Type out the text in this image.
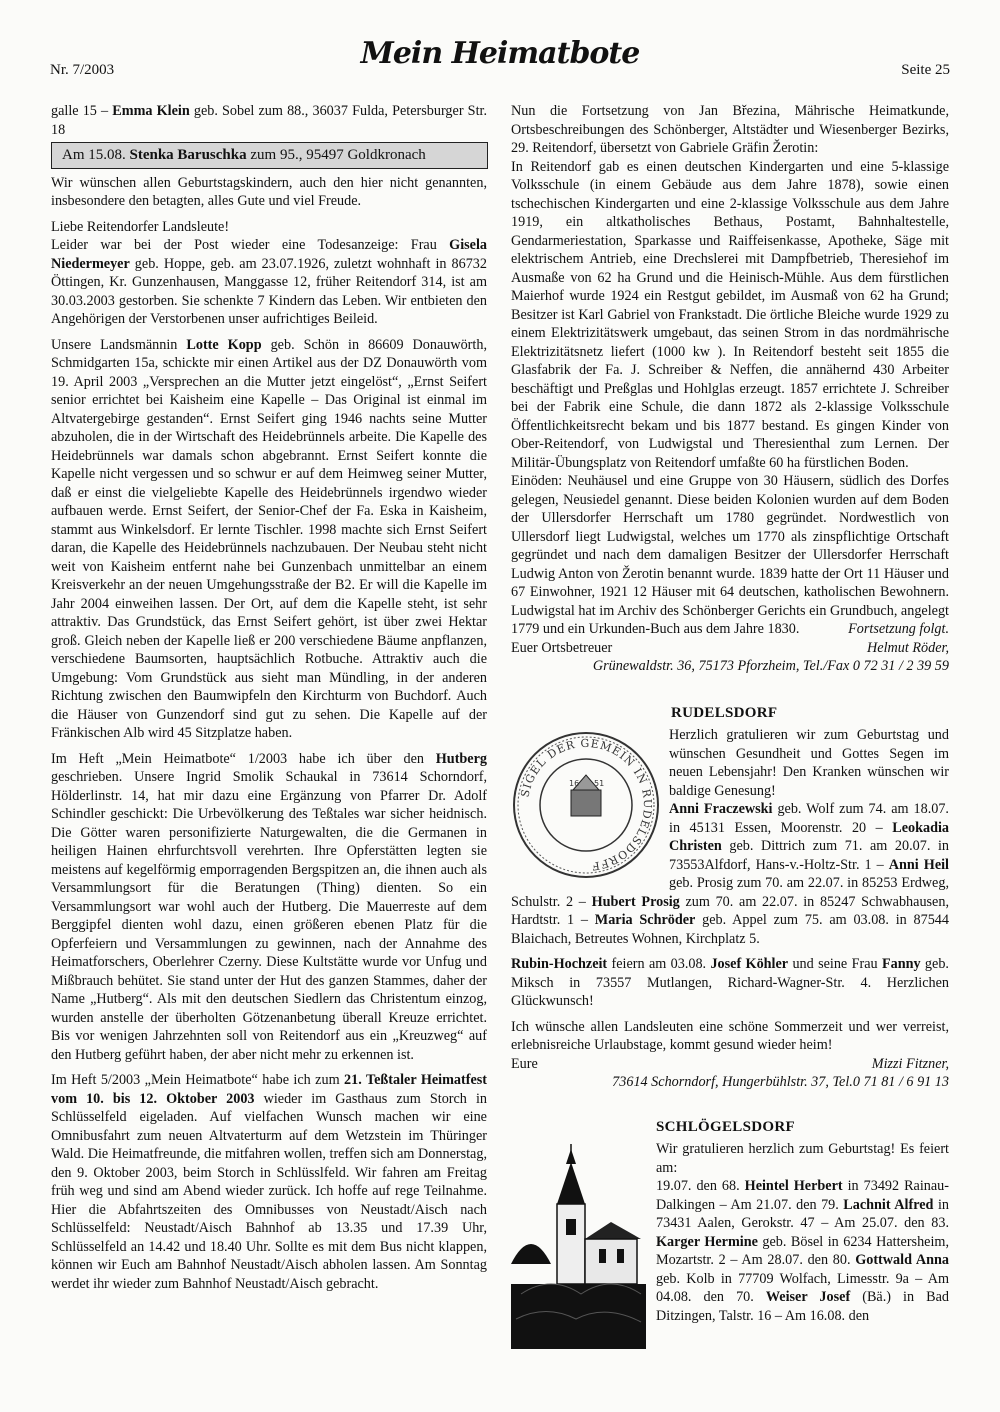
Nr. 7/2003	Mein Heimatbote	Seite 25

galle 15 – Emma Klein geb. Sobel zum 88., 36037 Fulda, Petersburger Str. 18

Am 15.08. Stenka Baruschka zum 95., 95497 Goldkronach

Wir wünschen allen Geburtstagskindern, auch den hier nicht genannten, insbesondere den betagten, alles Gute und viel Freude.

Liebe Reitendorfer Landsleute!

Leider war bei der Post wieder eine Todesanzeige: Frau Gisela Niedermeyer geb. Hoppe, geb. am 23.07.1926, zuletzt wohnhaft in 86732 Öttingen, Kr. Gunzenhausen, Manggasse 12, früher Reitendorf 314, ist am 30.03.2003 gestorben. Sie schenkte 7 Kindern das Leben. Wir entbieten den Angehörigen der Verstorbenen unser aufrichtiges Beileid.

Unsere Landsmännin Lotte Kopp geb. Schön in 86609 Donauwörth, Schmidgarten 15a, schickte mir einen Artikel aus der DZ Donauwörth vom 19. April 2003 „Versprechen an die Mutter jetzt eingelöst“, „Ernst Seifert senior errichtet bei Kaisheim eine Kapelle – Das Original ist einmal im Altvatergebirge gestanden“. Ernst Seifert ging 1946 nachts seine Mutter abzuholen, die in der Wirtschaft des Heidebrünnels arbeite. Die Kapelle des Heidebrünnels war damals schon abgebrannt. Ernst Seifert konnte die Kapelle nicht vergessen und so schwur er auf dem Heimweg seiner Mutter, daß er einst die vielgeliebte Kapelle des Heidebrünnels irgendwo wieder aufbauen werde. Ernst Seifert, der Senior-Chef der Fa. Eska in Kaisheim, stammt aus Winkelsdorf. Er lernte Tischler. 1998 machte sich Ernst Seifert daran, die Kapelle des Heidebrünnels nachzubauen. Der Neubau steht nicht weit von Kaisheim entfernt nahe bei Gunzenbach unmittelbar an einem Kreisverkehr an der neuen Umgehungsstraße der B2. Er will die Kapelle im Jahr 2004 einweihen lassen. Der Ort, auf dem die Kapelle steht, ist sehr attraktiv. Das Grundstück, das Ernst Seifert gehört, ist über zwei Hektar groß. Gleich neben der Kapelle ließ er 200 verschiedene Bäume anpflanzen, verschiedene Baumsorten, hauptsächlich Rotbuche. Attraktiv auch die Umgebung: Vom Grundstück aus sieht man Mündling, in der anderen Richtung zwischen den Baumwipfeln den Kirchturm von Buchdorf. Auch die Häuser von Gunzendorf sind gut zu sehen. Die Kapelle auf der Fränkischen Alb wird 45 Sitzplatze haben.

Im Heft „Mein Heimatbote“ 1/2003 habe ich über den Hutberg geschrieben. Unsere Ingrid Smolik Schaukal in 73614 Schorndorf, Hölderlinstr. 14, hat mir dazu eine Ergänzung von Pfarrer Dr. Adolf Schindler geschickt: Die Urbevölkerung des Teßtales war sicher heidnisch. Die Götter waren personifizierte Naturgewalten, die die Germanen in heiligen Hainen ehrfurchtsvoll verehrten. Ihre Opferstätten legten sie meistens auf kegelförmig emporragenden Bergspitzen an, die ihnen auch als Versammlungsort für die Beratungen (Thing) dienten. So ein Versammlungsort war wohl auch der Hutberg. Die Mauerreste auf dem Berggipfel dienten wohl dazu, einen größeren ebenen Platz für die Opferfeiern und Versammlungen zu gewinnen, nach der Annahme des Heimatforschers, Oberlehrer Czerny. Diese Kultstätte wurde vor Unfug und Mißbrauch behütet. Sie stand unter der Hut des ganzen Stammes, daher der Name „Hutberg“. Als mit den deutschen Siedlern das Christentum einzog, wurden anstelle der überholten Götzenanbetung überall Kreuze errichtet. Bis vor wenigen Jahrzehnten soll von Reitendorf aus ein „Kreuzweg“ auf den Hutberg geführt haben, der aber nicht mehr zu erkennen ist.

Im Heft 5/2003 „Mein Heimatbote“ habe ich zum 21. Teßtaler Heimatfest vom 10. bis 12. Oktober 2003 wieder im Gasthaus zum Storch in Schlüsselfeld eigeladen. Auf vielfachen Wunsch machen wir eine Omnibusfahrt zum neuen Altvaterturm auf dem Wetzstein im Thüringer Wald. Die Heimatfreunde, die mitfahren wollen, treffen sich am Donnerstag, den 9. Oktober 2003, beim Storch in Schlüsslfeld. Wir fahren am Freitag früh weg und sind am Abend wieder zurück. Ich hoffe auf rege Teilnahme. Hier die Abfahrtszeiten des Omnibusses von Neustadt/Aisch nach Schlüsselfeld: Neustadt/Aisch Bahnhof ab 13.35 und 17.39 Uhr, Schlüsselfeld an 14.42 und 18.40 Uhr. Sollte es mit dem Bus nicht klappen, können wir Euch am Bahnhof Neustadt/Aisch abholen lassen. Am Sonntag werdet ihr wieder zum Bahnhof Neustadt/Aisch gebracht.

Nun die Fortsetzung von Jan Březina, Mährische Heimatkunde, Ortsbeschreibungen des Schönberger, Altstädter und Wiesenberger Bezirks, 29. Reitendorf, übersetzt von Gabriele Gräfin Žerotin:

In Reitendorf gab es einen deutschen Kindergarten und eine 5-klassige Volksschule (in einem Gebäude aus dem Jahre 1878), sowie einen tschechischen Kindergarten und eine 2-klassige Volksschule aus dem Jahre 1919, ein altkatholisches Bethaus, Postamt, Bahnhaltestelle, Gendarmeriestation, Sparkasse und Raiffeisenkasse, Apotheke, Säge mit elektrischem Antrieb, eine Drechslerei mit Dampfbetrieb, Theresiehof im Ausmaße von 62 ha Grund und die Heinisch-Mühle. Aus dem fürstlichen Maierhof wurde 1924 ein Restgut gebildet, im Ausmaß von 62 ha Grund; Besitzer ist Karl Gabriel von Frankstadt. Die örtliche Bleiche wurde 1929 zu einem Elektrizitätswerk umgebaut, das seinen Strom in das nordmährische Elektrizitätsnetz liefert (1000 kw ). In Reitendorf besteht seit 1855 die Glasfabrik der Fa. J. Schreiber & Neffen, die annähernd 430 Arbeiter beschäftigt und Preßglas und Hohlglas erzeugt. 1857 errichtete J. Schreiber bei der Fabrik eine Schule, die dann 1872 als 2-klassige Volksschule Öffentlichkeitsrecht bekam und bis 1877 bestand. Es gingen Kinder von Ober-Reitendorf, von Ludwigstal und Theresienthal zum Lernen. Der Militär-Übungsplatz von Reitendorf umfaßte 60 ha fürstlichen Boden.

Einöden: Neuhäusel und eine Gruppe von 30 Häusern, südlich des Dorfes gelegen, Neusiedel genannt. Diese beiden Kolonien wurden auf dem Boden der Ullersdorfer Herrschaft um 1780 gegründet. Nordwestlich von Ullersdorf liegt Ludwigstal, welches um 1770 als zinspflichtige Ortschaft gegründet und nach dem damaligen Besitzer der Ullersdorfer Herrschaft Ludwig Anton von Žerotin benannt wurde. 1839 hatte der Ort 11 Häuser und 67 Einwohner, 1921 12 Häuser mit 64 deutschen, katholischen Bewohnern. Ludwigstal hat im Archiv des Schönberger Gerichts ein Grundbuch, angelegt 1779 und ein Urkunden-Buch aus dem Jahre 1830.	Fortsetzung folgt.

Euer Ortsbetreuer	Helmut Röder,
Grünewaldstr. 36, 75173 Pforzheim, Tel./Fax 0 72 31 / 2 39 59
RUDELSDORF
SIGEL DER GEMEIN IN RUDELSDORFF
16 51

Herzlich gratulieren wir zum Geburtstag und wünschen Gesundheit und Gottes Segen im neuen Lebensjahr! Den Kranken wünschen wir baldige Genesung!

Anni Fraczewski geb. Wolf zum 74. am 18.07. in 45131 Essen, Moorenstr. 20 – Leokadia Christen geb. Dittrich zum 71. am 20.07. in 73553Alfdorf, Hans-v.-Holtz-Str. 1 – Anni Heil geb. Prosig zum 70. am 22.07. in 85253 Erdweg, Schulstr. 2 – Hubert Prosig zum 70. am 22.07. in 85247 Schwabhausen, Hardtstr. 1 – Maria Schröder geb. Appel zum 75. am 03.08. in 87544 Blaichach, Betreutes Wohnen, Kirchplatz 5.

Rubin-Hochzeit feiern am 03.08. Josef Köhler und seine Frau Fanny geb. Miksch in 73557 Mutlangen, Richard-Wagner-Str. 4. Herzlichen Glückwunsch!

Ich wünsche allen Landsleuten eine schöne Sommerzeit und wer verreist, erlebnisreiche Urlaubstage, kommt gesund wieder heim!

Eure	Mizzi Fitzner,
73614 Schorndorf, Hungerbühlstr. 37, Tel.0 71 81 / 6 91 13
SCHLÖGELSDORF

Wir gratulieren herzlich zum Geburtstag! Es feiert am:

19.07. den 68. Heintel Herbert in 73492 Rainau-Dalkingen – Am 21.07. den 79. Lachnit Alfred in 73431 Aalen, Gerokstr. 47 – Am 25.07. den 83. Karger Hermine geb. Bösel in 6234 Hattersheim, Mozartstr. 2 – Am 28.07. den 80. Gottwald Anna geb. Kolb in 77709 Wolfach, Limesstr. 9a – Am 04.08. den 70. Weiser Josef (Bä.) in Bad Ditzingen, Talstr. 16 – Am 16.08. den
